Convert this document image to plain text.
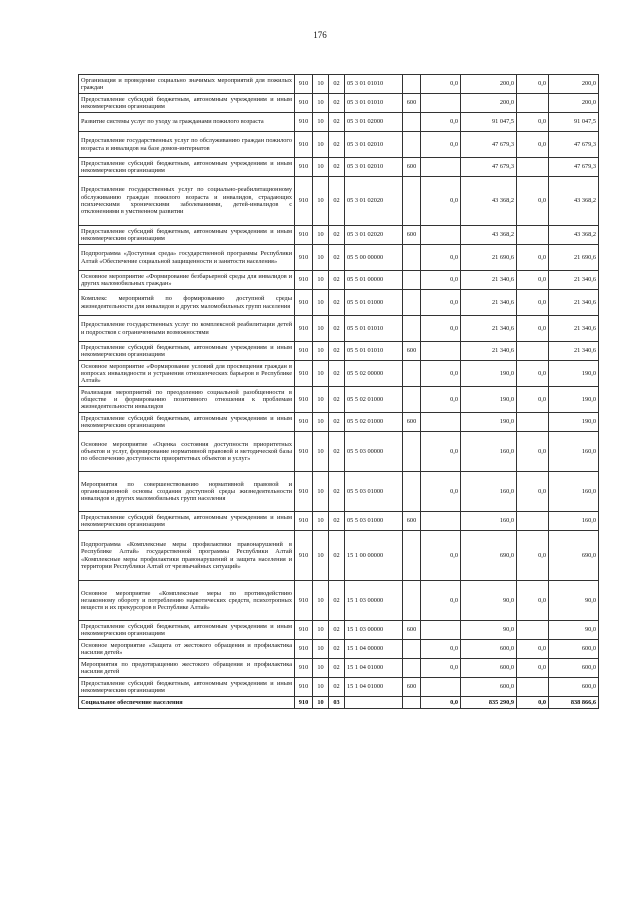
176
Организация и проведение социально значимых мероприятий для пожилых граждан	910	10	02	05 3 01 01010		0,0	200,0	0,0	200,0
Предоставление субсидий бюджетным, автономным учреждениям и иным некоммерческим организациям	910	10	02	05 3 01 01010	600		200,0		200,0
Развитие системы услуг по уходу за гражданами пожилого возраста	910	10	02	05 3 01 02000		0,0	91 047,5	0,0	91 047,5
Предоставление государственных услуг по обслуживанию граждан пожилого возраста и инвалидов на базе домов-интернатов	910	10	02	05 3 01 02010		0,0	47 679,3	0,0	47 679,3
Предоставление субсидий бюджетным, автономным учреждениям и иным некоммерческим организациям	910	10	02	05 3 01 02010	600		47 679,3		47 679,3
Предоставление государственных услуг по социально-реабилитационному обслуживанию граждан пожилого возраста и инвалидов, страдающих психическими хроническими заболеваниями, детей-инвалидов с отклонениями в умственном развитии	910	10	02	05 3 01 02020		0,0	43 368,2	0,0	43 368,2
Предоставление субсидий бюджетным, автономным учреждениям и иным некоммерческим организациям	910	10	02	05 3 01 02020	600		43 368,2		43 368,2
Подпрограмма «Доступная среда» государственной программы Республики Алтай «Обеспечение социальной защищенности и занятости населения»	910	10	02	05 5 00 00000		0,0	21 690,6	0,0	21 690,6
Основное мероприятие «Формирование безбарьерной среды для инвалидов и других маломобильных граждан»	910	10	02	05 5 01 00000		0,0	21 340,6	0,0	21 340,6
Комплекс мероприятий по формированию доступной среды жизнедеятельности для инвалидов и других маломобильных групп населения	910	10	02	05 5 01 01000		0,0	21 340,6	0,0	21 340,6
Предоставление государственных услуг по комплексной реабилитации детей и подростков с ограниченными возможностями	910	10	02	05 5 01 01010		0,0	21 340,6	0,0	21 340,6
Предоставление субсидий бюджетным, автономным учреждениям и иным некоммерческим организациям	910	10	02	05 5 01 01010	600		21 340,6		21 340,6
Основное мероприятие «Формирование условий для просвещения граждан в вопросах инвалидности и устранения отношенческих барьеров в Республике Алтай»	910	10	02	05 5 02 00000		0,0	190,0	0,0	190,0
Реализация мероприятий по преодолению социальной разобщенности в обществе и формированию позитивного отношения к проблемам жизнедеятельности инвалидов	910	10	02	05 5 02 01000		0,0	190,0	0,0	190,0
Предоставление субсидий бюджетным, автономным учреждениям и иным некоммерческим организациям	910	10	02	05 5 02 01000	600		190,0		190,0
Основное мероприятие «Оценка состояния доступности приоритетных объектов и услуг, формирование нормативной правовой и методической базы по обеспечению доступности приоритетных объектов и услуг»	910	10	02	05 5 03 00000		0,0	160,0	0,0	160,0
Мероприятия по совершенствованию нормативной правовой и организационной основы создания доступной среды жизнедеятельности инвалидов и других маломобильных групп населения	910	10	02	05 5 03 01000		0,0	160,0	0,0	160,0
Предоставление субсидий бюджетным, автономным учреждениям и иным некоммерческим организациям	910	10	02	05 5 03 01000	600		160,0		160,0
Подпрограмма «Комплексные меры профилактики правонарушений в Республике Алтай» государственной программы Республики Алтай «Комплексные меры профилактики правонарушений и защита населения и территории Республики Алтай от чрезвычайных ситуаций»	910	10	02	15 1 00 00000		0,0	690,0	0,0	690,0
Основное мероприятие «Комплексные меры по противодействию незаконному обороту и потреблению наркотических средств, психотропных веществ и их прекурсоров в Республике Алтай»	910	10	02	15 1 03 00000		0,0	90,0	0,0	90,0
Предоставление субсидий бюджетным, автономным учреждениям и иным некоммерческим организациям	910	10	02	15 1 03 00000	600		90,0		90,0
Основное мероприятие «Защита от жестокого обращения и профилактика насилия детей»	910	10	02	15 1 04 00000		0,0	600,0	0,0	600,0
Мероприятия по предотвращению жестокого обращения и профилактика насилия детей	910	10	02	15 1 04 01000		0,0	600,0	0,0	600,0
Предоставление субсидий бюджетным, автономным учреждениям и иным некоммерческим организациям	910	10	02	15 1 04 01000	600		600,0		600,0
Социальное обеспечение населения	910	10	03			0,0	835 290,9	0,0	838 866,6
